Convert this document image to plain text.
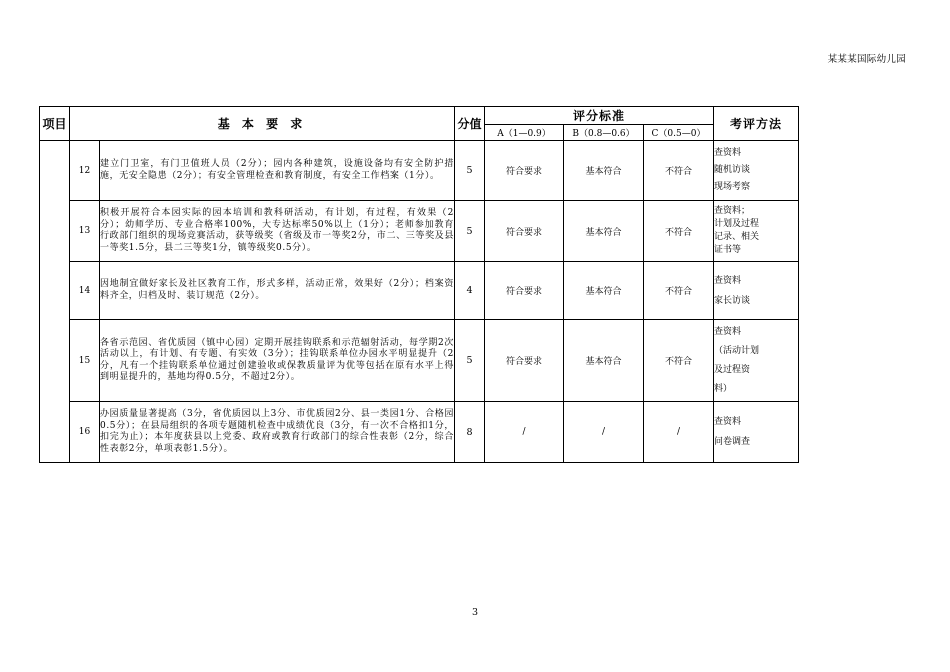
某某某国际幼儿园
项目	基 本 要 求		分值	评分标准			考评方法
				A（1—0.9）	B（0.8—0.6）	C（0.5—0）	
	12	建立门卫室，有门卫值班人员（2分）；园内各种建筑，设施设备均有安全防护措施，无安全隐患（2分）；有安全管理检查和教育制度，有安全工作档案（1分）。	5	符合要求	基本符合	不符合	查资料
随机访谈
现场考察

	13	积极开展符合本园实际的园本培训和教科研活动，有计划，有过程，有效果（2分）；幼师学历、专业合格率100%，大专达标率50%以上（1分）；老师参加教育行政部门组织的现场竞赛活动，获等级奖（省级及市一等奖2分，市二、三等奖及县一等奖1.5分，县二三等奖1分，镇等级奖0.5分）。	5	符合要求	基本符合	不符合	查资料；
计划及过程
记录、相关
证书等

	14	因地制宜做好家长及社区教育工作，形式多样，活动正常，效果好（2分）；档案资料齐全，归档及时、装订规范（2分）。	4	符合要求	基本符合	不符合	查资料
家长访谈

	15	各省示范园、省优质园（镇中心园）定期开展挂钩联系和示范辐射活动，每学期2次活动以上，有计划、有专题、有实效（3分）；挂钩联系单位办园水平明显提升（2分，凡有一个挂钩联系单位通过创建验收或保教质量评为优等包括在原有水平上得到明显提升的，基地均得0.5分，不超过2分）。	5	符合要求	基本符合	不符合	查资料
（活动计划
及过程资
料）

	16	办园质量显著提高（3分，省优质园以上3分、市优质园2分、县一类园1分、合格园0.5分）；在县局组织的各项专题随机检查中成绩优良（3分，有一次不合格扣1分，扣完为止）；本年度获县以上党委、政府或教育行政部门的综合性表彰（2分，综合性表彰2分，单项表彰1.5分）。	8	/	/	/	查资料
问卷调查
3
